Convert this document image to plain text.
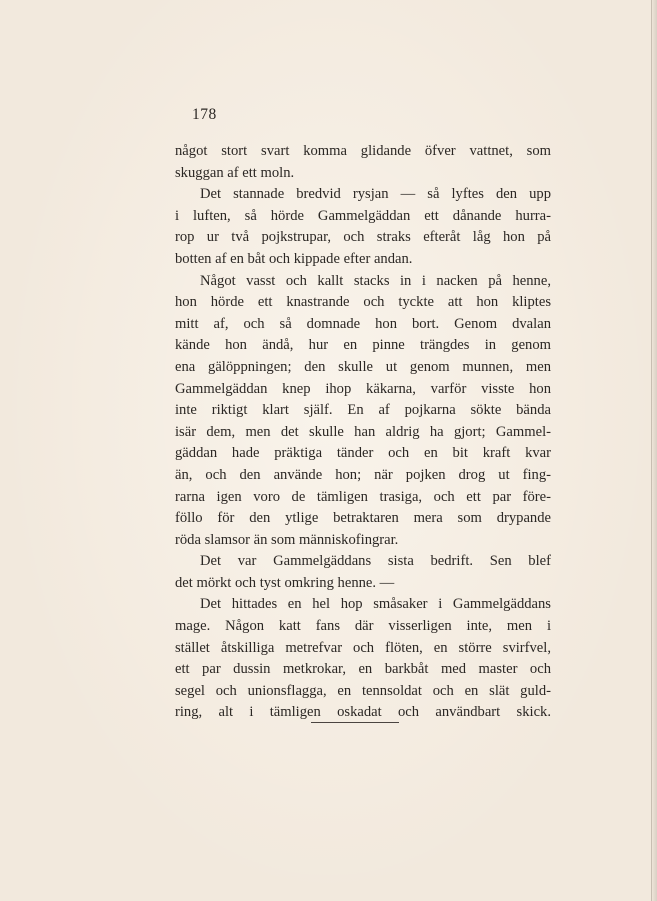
178
något stort svart komma glidande öfver vattnet, som
skuggan af ett moln.
Det stannade bredvid rysjan — så lyftes den upp
i luften, så hörde Gammelgäddan ett dånande hurra-
rop ur två pojkstrupar, och straks efteråt låg hon på
botten af en båt och kippade efter andan.
Något vasst och kallt stacks in i nacken på henne,
hon hörde ett knastrande och tyckte att hon kliptes
mitt af, och så domnade hon bort. Genom dvalan
kände hon ändå, hur en pinne trängdes in genom
ena gälöppningen; den skulle ut genom munnen, men
Gammelgäddan knep ihop käkarna, varför visste hon
inte riktigt klart själf. En af pojkarna sökte bända
isär dem, men det skulle han aldrig ha gjort; Gammel-
gäddan hade präktiga tänder och en bit kraft kvar
än, och den använde hon; när pojken drog ut fing-
rarna igen voro de tämligen trasiga, och ett par före-
föllo för den ytlige betraktaren mera som drypande
röda slamsor än som människofingrar.
Det var Gammelgäddans sista bedrift. Sen blef
det mörkt och tyst omkring henne. —
Det hittades en hel hop småsaker i Gammelgäddans
mage. Någon katt fans där visserligen inte, men i
stället åtskilliga metrefvar och flöten, en större svirfvel,
ett par dussin metkrokar, en barkbåt med master och
segel och unionsflagga, en tennsoldat och en slät guld-
ring, alt i tämligen oskadat och användbart skick.
